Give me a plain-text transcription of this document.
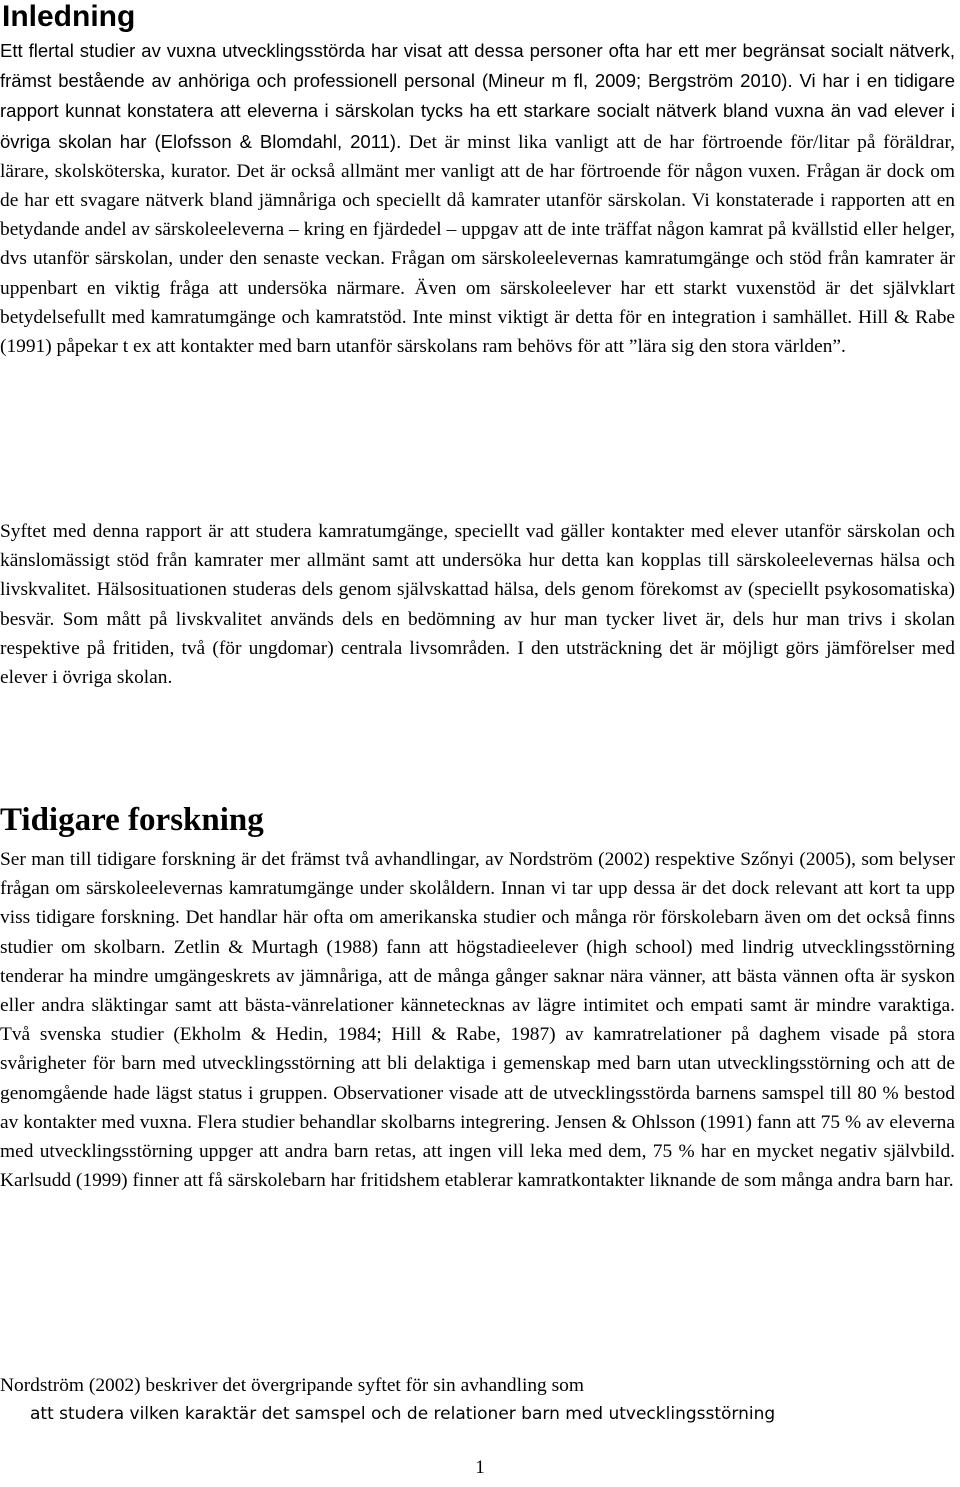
Inledning

Ett flertal studier av vuxna utvecklingsstörda har visat att dessa personer ofta har ett mer begränsat socialt nätverk, främst bestående av anhöriga och professionell personal (Mineur m fl, 2009; Bergström 2010). Vi har i en tidigare rapport kunnat konstatera att eleverna i särskolan tycks ha ett starkare socialt nätverk bland vuxna än vad elever i övriga skolan har (Elofsson & Blomdahl, 2011). Det är minst lika vanligt att de har förtroende för/litar på föräldrar, lärare, skolsköterska, kurator. Det är också allmänt mer vanligt att de har förtroende för någon vuxen. Frågan är dock om de har ett svagare nätverk bland jämnåriga och speciellt då kamrater utanför särskolan. Vi konstaterade i rapporten att en betydande andel av särskoleeleverna – kring en fjärdedel – uppgav att de inte träffat någon kamrat på kvällstid eller helger, dvs utanför särskolan, under den senaste veckan. Frågan om särskoleelevernas kamratumgänge och stöd från kamrater är uppenbart en viktig fråga att undersöka närmare. Även om särskoleelever har ett starkt vuxenstöd är det självklart betydelsefullt med kamratumgänge och kamratstöd. Inte minst viktigt är detta för en integration i samhället. Hill & Rabe (1991) påpekar t ex att kontakter med barn utanför särskolans ram behövs för att ”lära sig den stora världen”.

Syftet med denna rapport är att studera kamratumgänge, speciellt vad gäller kontakter med elever utanför särskolan och känslomässigt stöd från kamrater mer allmänt samt att undersöka hur detta kan kopplas till särskoleelevernas hälsa och livskvalitet. Hälsosituationen studeras dels genom självskattad hälsa, dels genom förekomst av (speciellt psykosomatiska) besvär. Som mått på livskvalitet används dels en bedömning av hur man tycker livet är, dels hur man trivs i skolan respektive på fritiden, två (för ungdomar) centrala livsområden. I den utsträckning det är möjligt görs jämförelser med elever i övriga skolan.

Tidigare forskning

Ser man till tidigare forskning är det främst två avhandlingar, av Nordström (2002) respektive Szőnyi (2005), som belyser frågan om särskoleelevernas kamratumgänge under skolåldern. Innan vi tar upp dessa är det dock relevant att kort ta upp viss tidigare forskning. Det handlar här ofta om amerikanska studier och många rör förskolebarn även om det också finns studier om skolbarn. Zetlin & Murtagh (1988) fann att högstadieelever (high school) med lindrig utvecklingsstörning tenderar ha mindre umgängeskrets av jämnåriga, att de många gånger saknar nära vänner, att bästa vännen ofta är syskon eller andra släktingar samt att bästa-vänrelationer kännetecknas av lägre intimitet och empati samt är mindre varaktiga. Två svenska studier (Ekholm & Hedin, 1984; Hill & Rabe, 1987) av kamratrelationer på daghem visade på stora svårigheter för barn med utvecklingsstörning att bli delaktiga i gemenskap med barn utan utvecklingsstörning och att de genomgående hade lägst status i gruppen. Observationer visade att de utvecklingsstörda barnens samspel till 80 % bestod av kontakter med vuxna. Flera studier behandlar skolbarns integrering. Jensen & Ohlsson (1991) fann att 75 % av eleverna med utvecklingsstörning uppger att andra barn retas, att ingen vill leka med dem, 75 % har en mycket negativ självbild. Karlsudd (1999) finner att få särskolebarn har fritidshem etablerar kamratkontakter liknande de som många andra barn har.

Nordström (2002) beskriver det övergripande syftet för sin avhandling som

att studera vilken karaktär det samspel och de relationer barn med utvecklingsstörning

1
